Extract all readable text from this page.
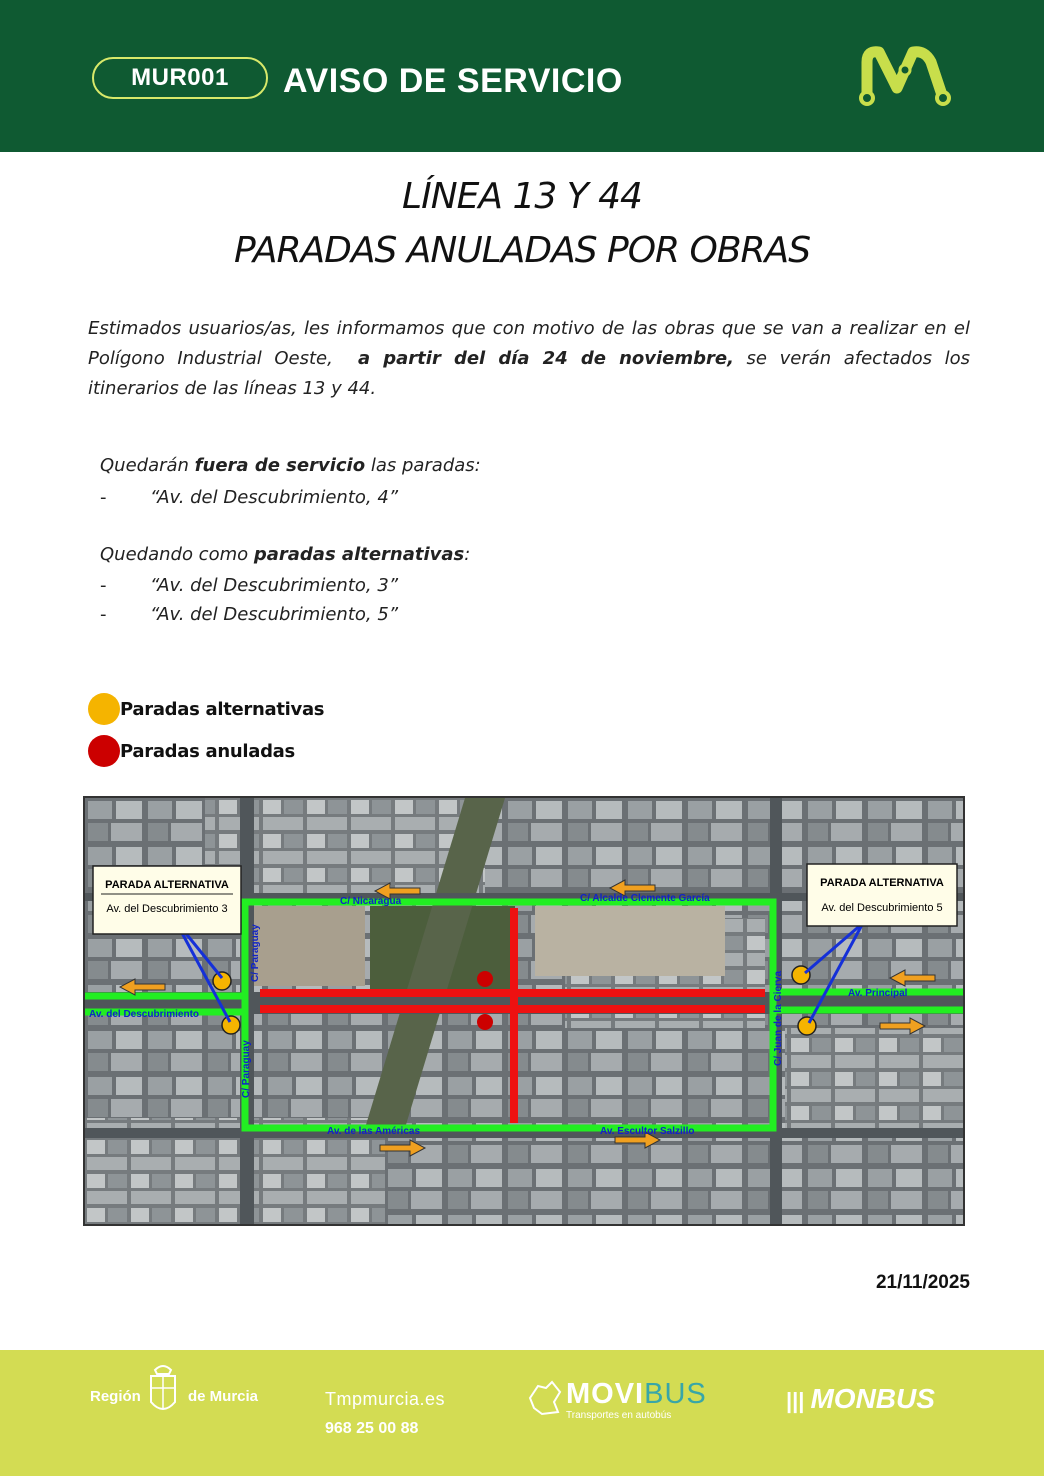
MUR001	AVISO DE SERVICIO
LÍNEA 13 Y 44
PARADAS ANULADAS POR OBRAS
Estimados usuarios/as, les informamos que con motivo de las obras que se van a realizar en el Polígono Industrial Oeste, a partir del día 24 de noviembre, se verán afectados los itinerarios de las líneas 13 y 44.
Quedarán fuera de servicio las paradas:
- “Av. del Descubrimiento, 4”
Quedando como paradas alternativas:
- “Av. del Descubrimiento, 3”
- “Av. del Descubrimiento, 5”
Paradas alternativas
Paradas anuladas
PARADA ALTERNATIVA
Av. del Descubrimiento 3
PARADA ALTERNATIVA
Av. del Descubrimiento 5
C/ Nicaragua	C/ Alcalde Clemente García
Av. del Descubrimiento
Av. Principal
Av. de las Américas	Av. Escultor Salzillo
C/ Paraguay
C/ Paraguay
C/ Juan de la Cierva
21/11/2025
Región	de Murcia	Tmpmurcia.es
968 25 00 88
MOVIBUS
Transportes en autobús
||| MONBUS
